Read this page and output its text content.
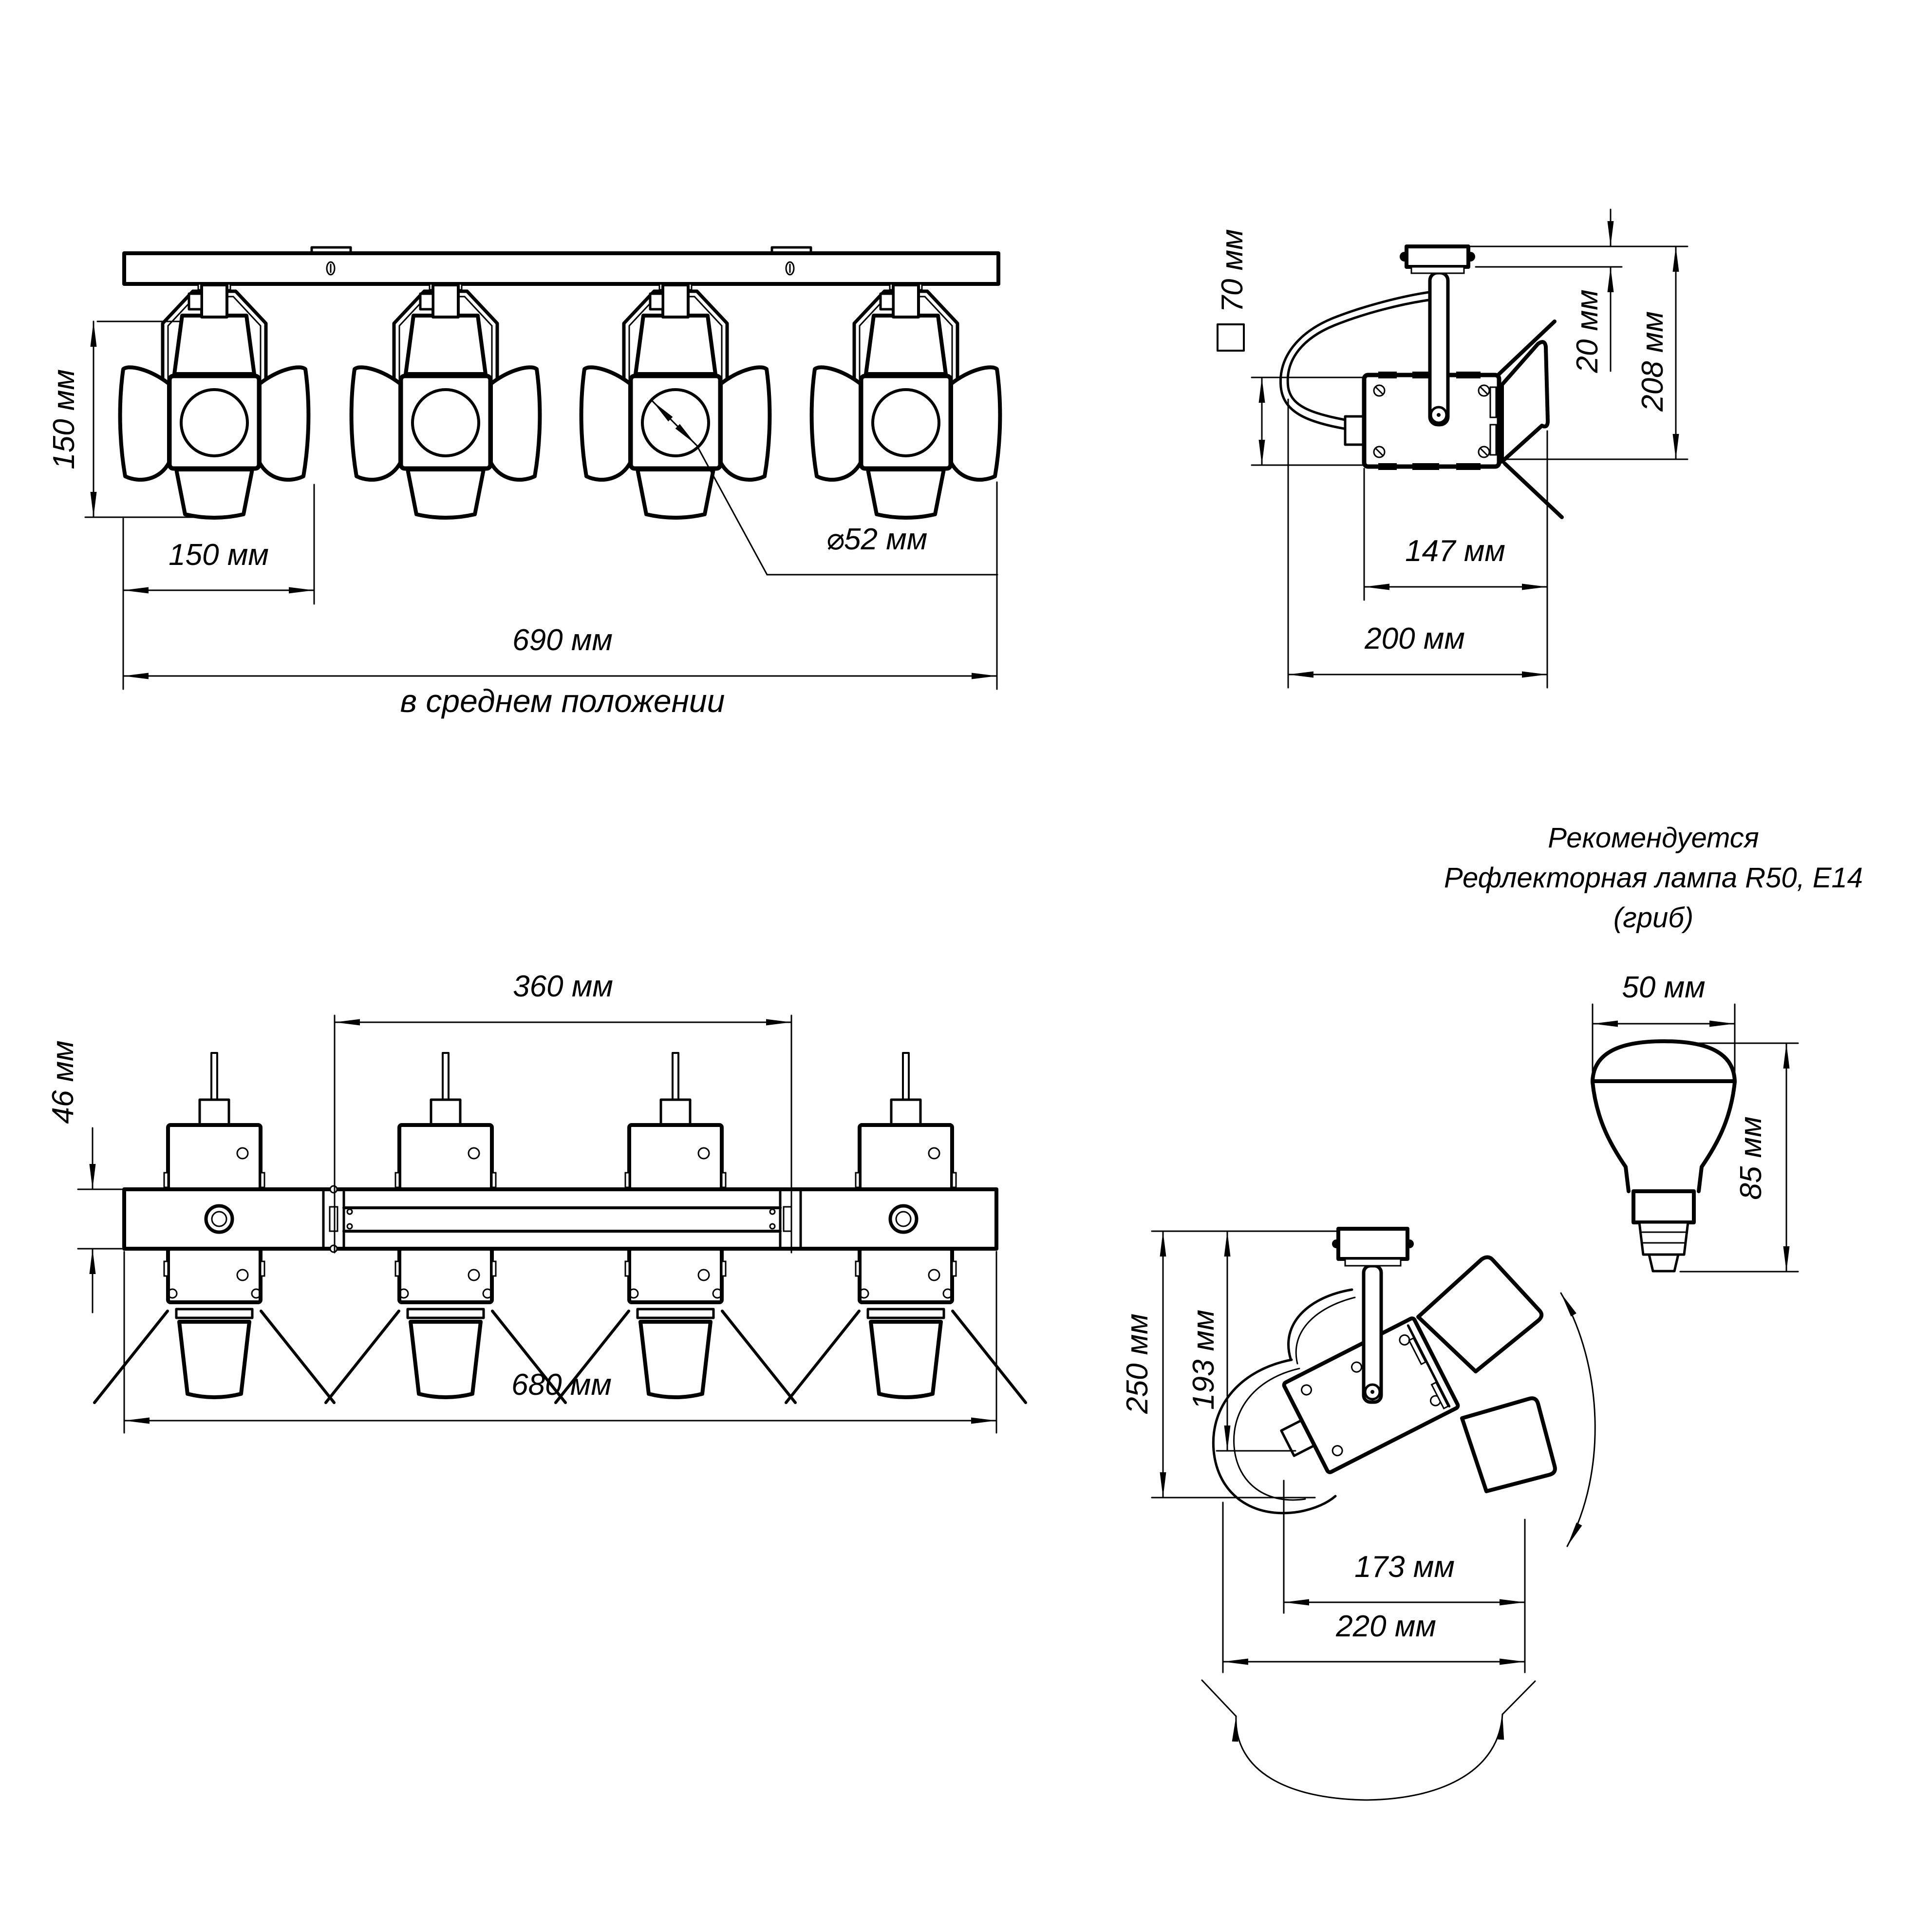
150 мм
150 мм
690 мм
в среднем положении
⌀52 мм
70 мм
20 мм 208 мм
147 мм
200 мм
Рекомендуется
Рефлекторная лампа R50, E14
(гриб)
50 мм
85 мм
360 мм
46 мм
680 мм	250 мм 193 мм
173 мм
220 мм
